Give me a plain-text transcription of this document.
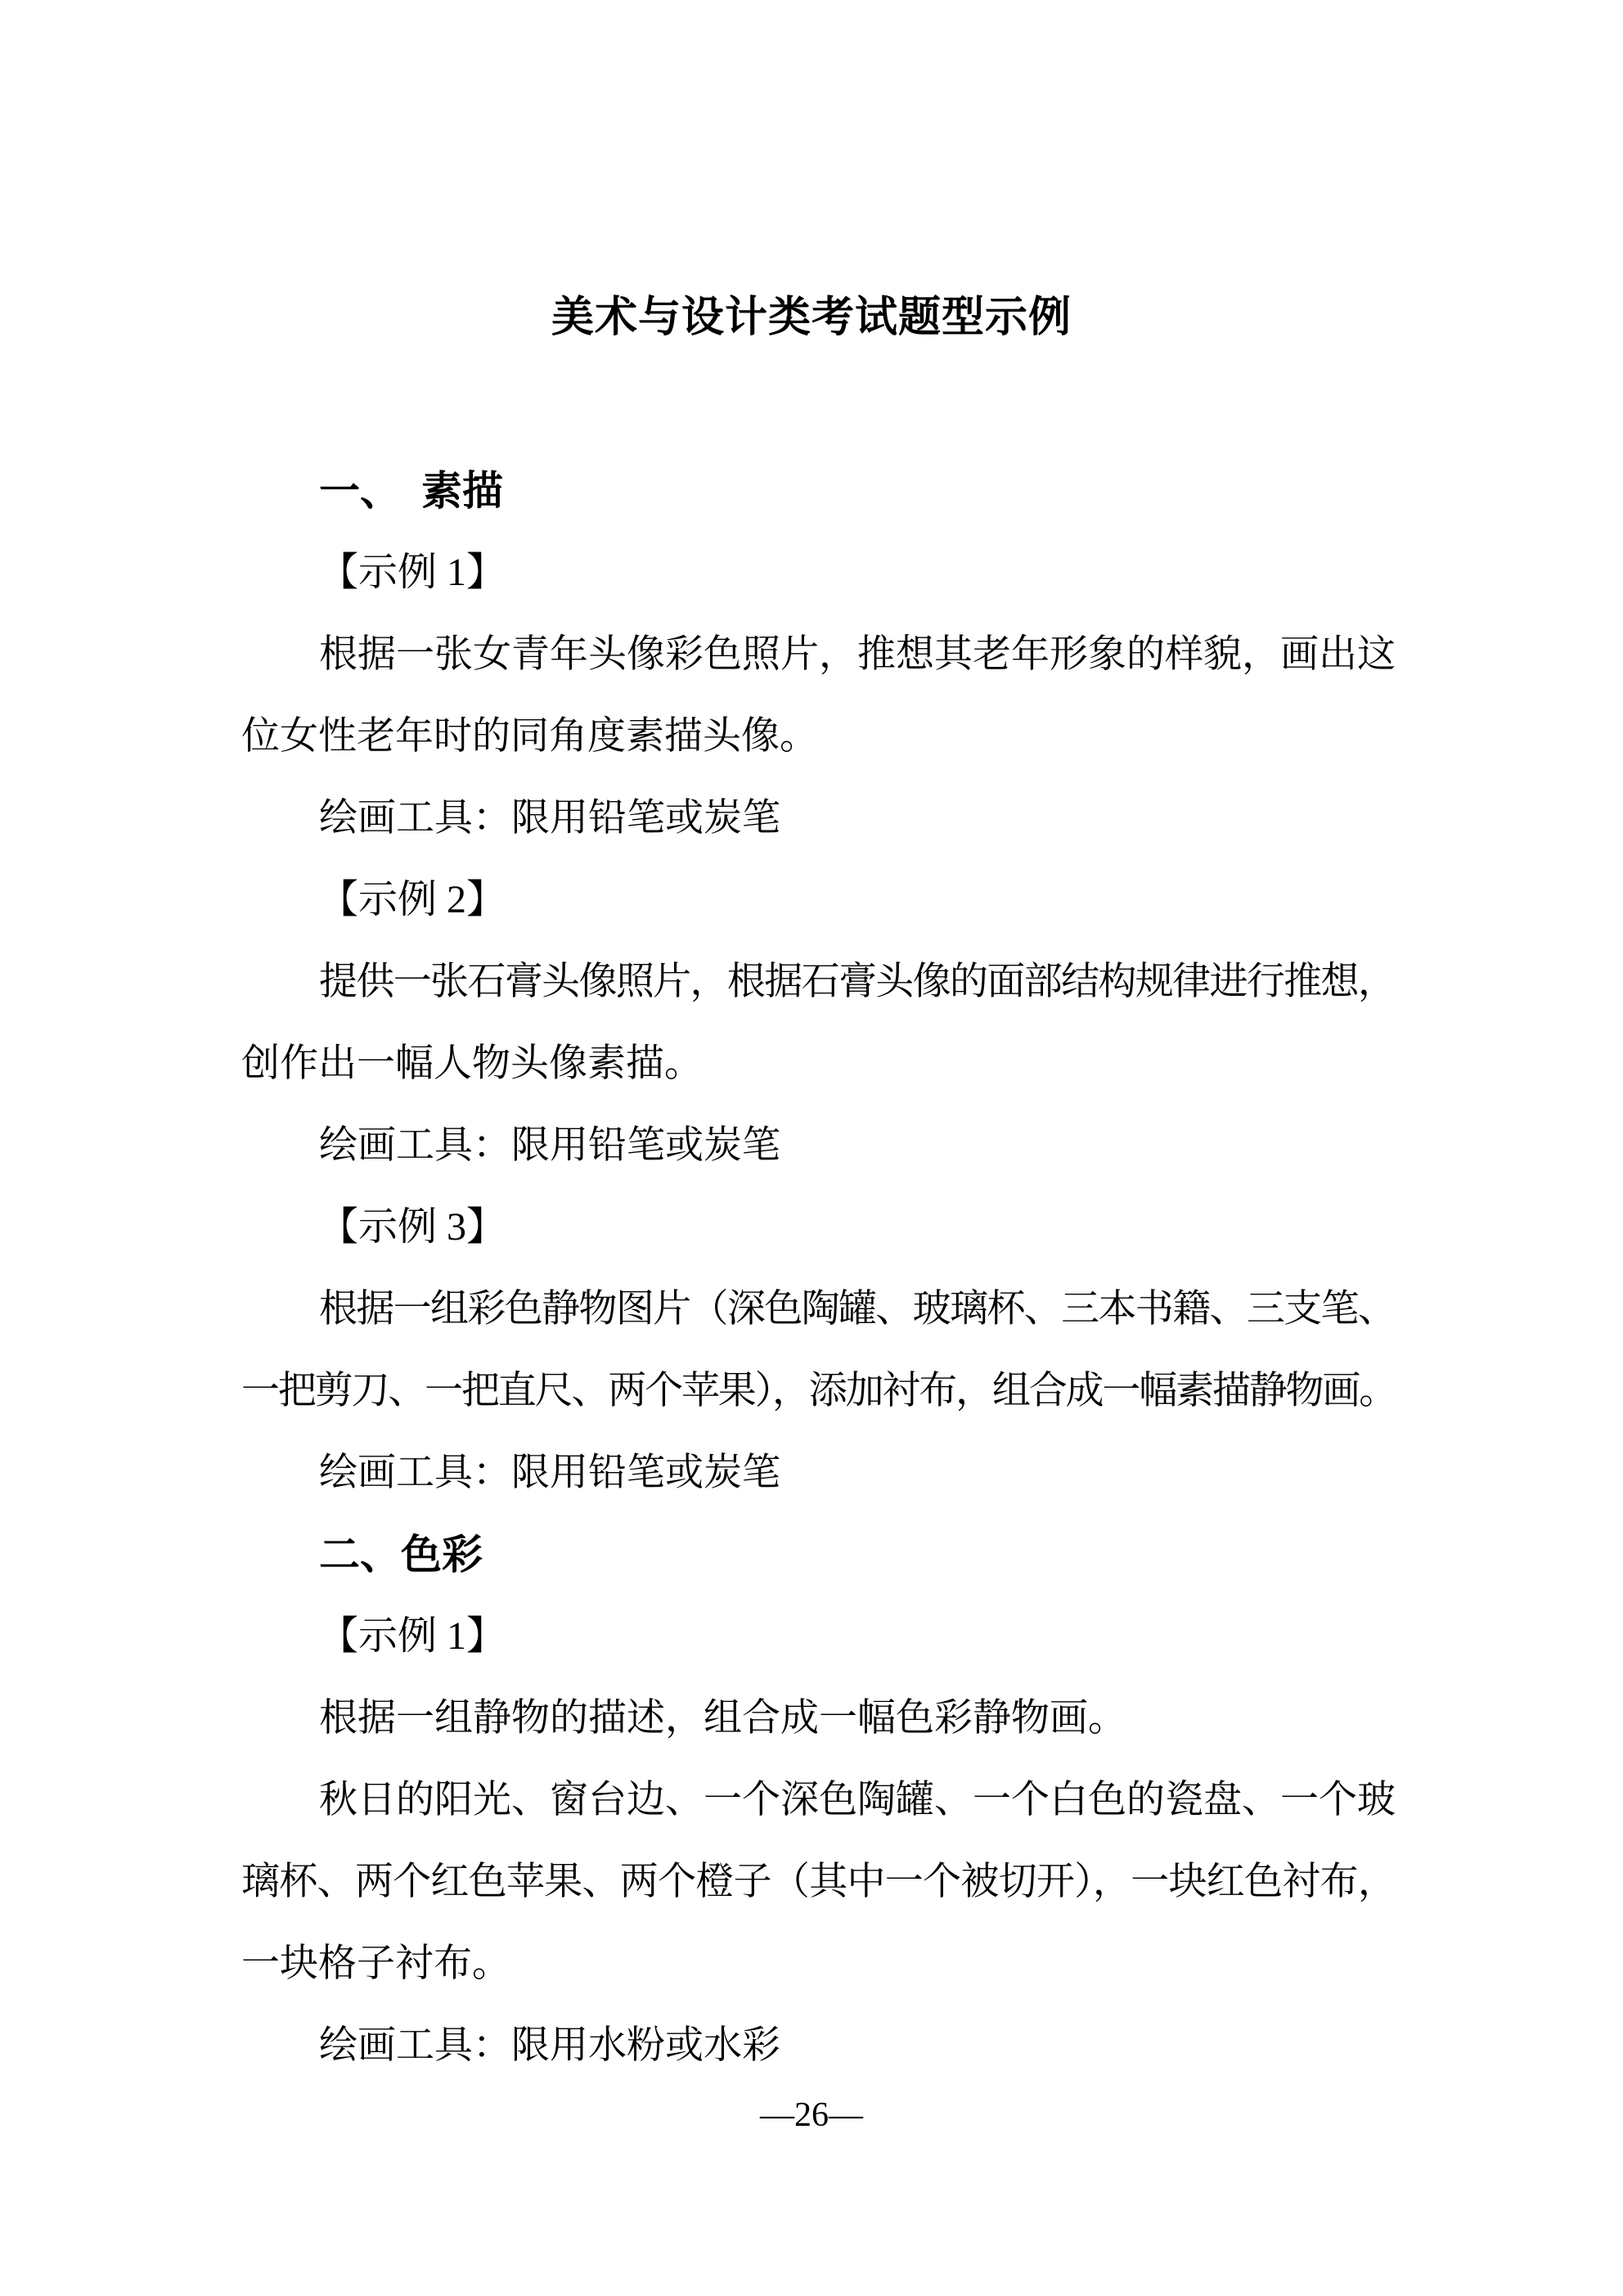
美术与设计类考试题型示例
一、　素描
【示例 1】
根据一张女青年头像彩色照片，推想其老年形象的样貌，画出这
位女性老年时的同角度素描头像。
绘画工具：限用铅笔或炭笔
【示例 2】
提供一张石膏头像照片，根据石膏头像的面部结构规律进行推想，
创作出一幅人物头像素描。
绘画工具：限用铅笔或炭笔
【示例 3】
根据一组彩色静物图片（深色陶罐、玻璃杯、三本书籍、三支笔、
一把剪刀、一把直尺、两个苹果），添加衬布，组合成一幅素描静物画。
绘画工具：限用铅笔或炭笔
二、色彩
【示例 1】
根据一组静物的描述，组合成一幅色彩静物画。
秋日的阳光、窗台边、一个深色陶罐、一个白色的瓷盘、一个玻
璃杯、两个红色苹果、两个橙子（其中一个被切开），一块红色衬布，
一块格子衬布。
绘画工具：限用水粉或水彩
—26—
